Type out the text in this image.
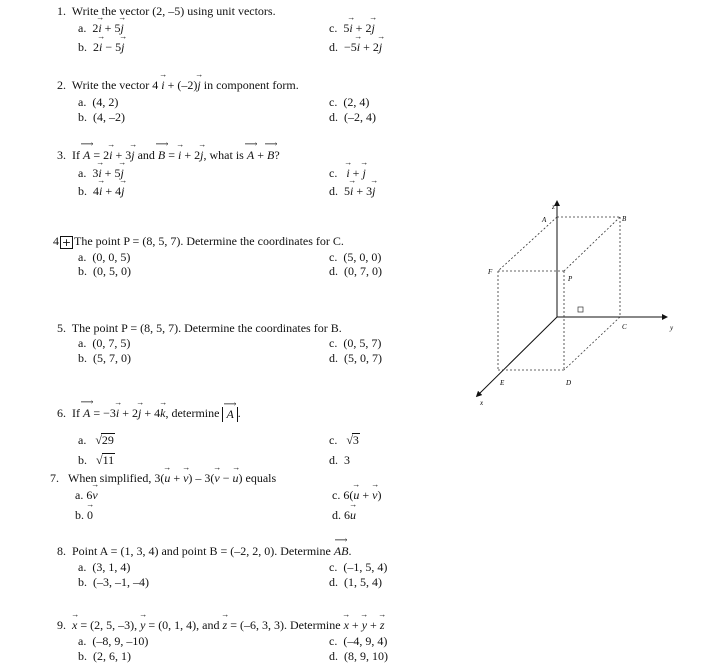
1. Write the vector (2, –5) using unit vectors.
a.  2→ i + 5→ j	c.  5→ i + 2→ j
b.  2→ i − 5→ j	d.  −5→ i + 2→ j
2. Write the vector 4 → i + (–2)→ j in component form.
a. (4, 2)	c. (2, 4)
b. (4, –2)	d. (–2, 4)
3.  If ⟶ A = 2→ i + 3→ j and ⟶ B = → i + 2→ j, what is ⟶ A + ⟶ B?
a.  3→ i + 5→ j	c. → i + → j
b.  4→ i + 4→ j	d.  5→ i + 3→ j
4 + The point P = (8, 5, 7). Determine the coordinates for C.
a. (0, 0, 5)	c. (5, 0, 0)
b. (0, 5, 0)	d. (0, 7, 0)
5. The point P = (8, 5, 7). Determine the coordinates for B.
a. (0, 7, 5)	c. (0, 5, 7)
b. (5, 7, 0)	d. (5, 0, 7)
6.  If ⟶ A = −3→ i + 2→ j + 4→ k, determine ⟶ A .
a.   √29	c.   √3
b.   √11	d. 3
7. When simplified, 3(→ u + → v) – 3(→ v − → u) equals
a. 6→ v	c. 6(→ u + → v)
b. → 0	d. 6→ u
8. Point A = (1, 3, 4) and point B = (–2, 2, 0). Determine ⟶ AB.
a. (3, 1, 4)	c. (–1, 5, 4)
b. (–3, –1, –4)	d. (1, 5, 4)
9. → x = (2, 5, –3), → y = (0, 1, 4), and → z = (–6, 3, 3). Determine → x + → y + → z
a. (–8, 9, –10)	c. (–4, 9, 4)
b. (2, 6, 1)	d. (8, 9, 10)
z
y
x
A	B
F
P
C
E	D
